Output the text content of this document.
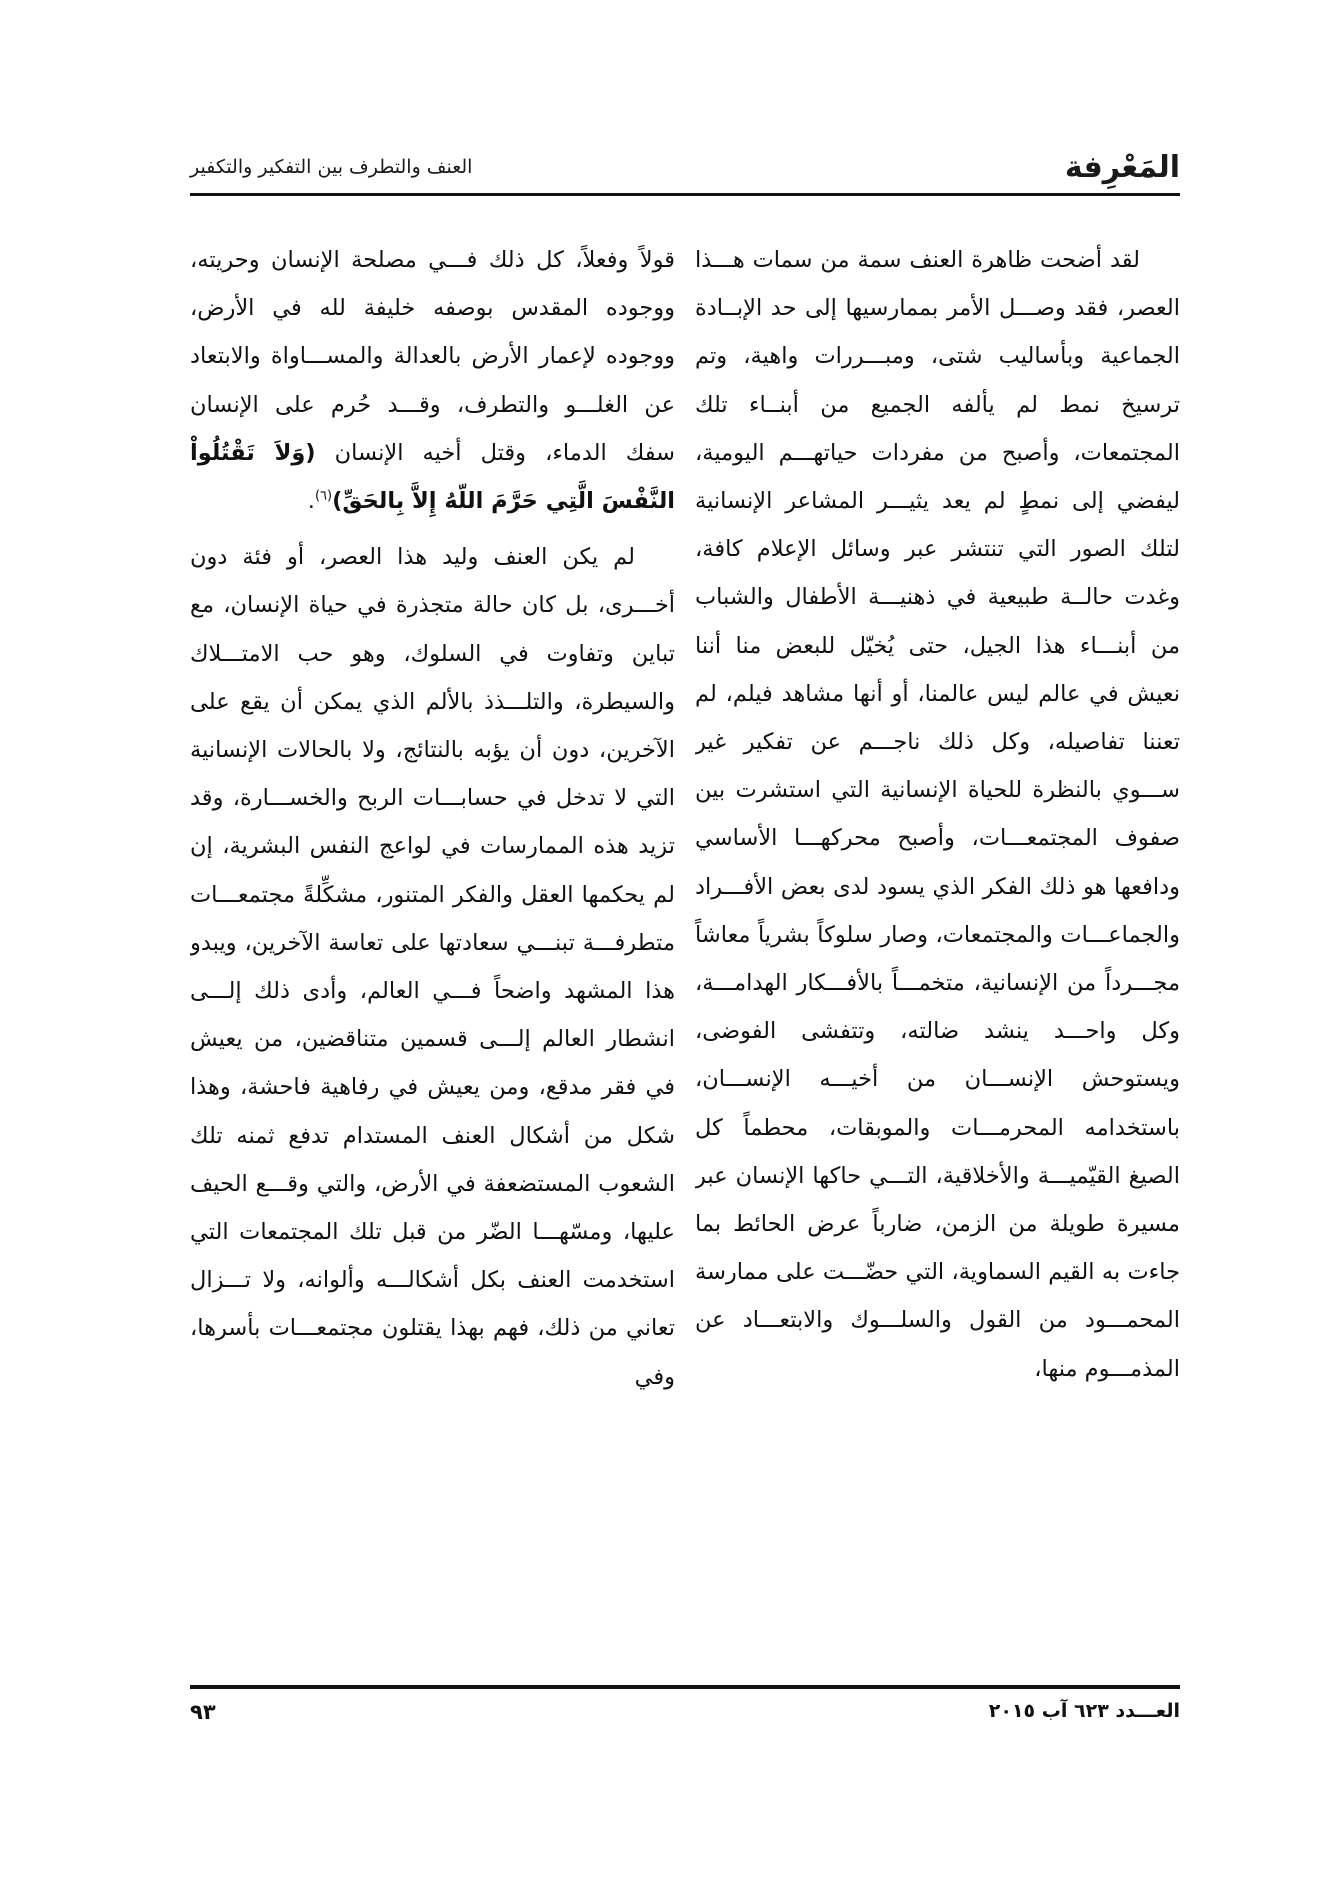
المَعْرِفة
العنف والتطرف بين التفكير والتكفير

لقد أضحت ظاهرة العنف سمة من سمات هـــذا العصر، فقد وصـــل الأمر بممارسيها إلى حد الإبــادة الجماعية وبأساليب شتى، ومبـــررات واهية، وتم ترسيخ نمط لم يألفه الجميع من أبنــاء تلك المجتمعات، وأصبح من مفردات حياتهـــم اليومية، ليفضي إلى نمطٍ لم يعد يثيـــر المشاعر الإنسانية لتلك الصور التي تنتشر عبر وسائل الإعلام كافة، وغدت حالــة طبيعية في ذهنيـــة الأطفال والشباب من أبنـــاء هذا الجيل، حتى يُخيّل للبعض منا أننا نعيش في عالم ليس عالمنا، أو أنها مشاهد فيلم، لم تعننا تفاصيله، وكل ذلك ناجـــم عن تفكير غير ســـوي بالنظرة للحياة الإنسانية التي استشرت بين صفوف المجتمعـــات، وأصبح محركهـــا الأساسي ودافعها هو ذلك الفكر الذي يسود لدى بعض الأفـــراد والجماعـــات والمجتمعات، وصار سلوكاً بشرياً معاشاً مجـــرداً من الإنسانية، متخمـــاً بالأفـــكار الهدامـــة، وكل واحـــد ينشد ضالته، وتتفشى الفوضى، ويستوحش الإنســـان من أخيـــه الإنســـان، باستخدامه المحرمـــات والموبقات، محطماً كل الصيغ القيّميـــة والأخلاقية، التـــي حاكها الإنسان عبر مسيرة طويلة من الزمن، ضارباً عرض الحائط بما جاءت به القيم السماوية، التي حضّـــت على ممارسة المحمـــود من القول والسلـــوك والابتعـــاد عن المذمـــوم منها،

قولاً وفعلاً، كل ذلك فـــي مصلحة الإنسان وحريته، ووجوده المقدس بوصفه خليفة لله في الأرض، ووجوده لإعمار الأرض بالعدالة والمســـاواة والابتعاد عن الغلـــو والتطرف، وقـــد حُرم على الإنسان سفك الدماء، وقتل أخيه الإنسان (وَلاَ تَقْتُلُواْ النَّفْسَ الَّتِي حَرَّمَ اللّهُ إِلاَّ بِالحَقِّ)$^{(٦)}$.

لم يكن العنف وليد هذا العصر، أو فئة دون أخـــرى، بل كان حالة متجذرة في حياة الإنسان، مع تباين وتفاوت في السلوك، وهو حب الامتـــلاك والسيطرة، والتلـــذذ بالألم الذي يمكن أن يقع على الآخرين، دون أن يؤبه بالنتائج، ولا بالحالات الإنسانية التي لا تدخل في حسابـــات الربح والخســـارة، وقد تزيد هذه الممارسات في لواعج النفس البشرية، إن لم يحكمها العقل والفكر المتنور، مشكِّلةً مجتمعـــات متطرفـــة تبنـــي سعادتها على تعاسة الآخرين، ويبدو هذا المشهد واضحاً فـــي العالم، وأدى ذلك إلـــى انشطار العالم إلـــى قسمين متناقضين، من يعيش في فقر مدقع، ومن يعيش في رفاهية فاحشة، وهذا شكل من أشكال العنف المستدام تدفع ثمنه تلك الشعوب المستضعفة في الأرض، والتي وقـــع الحيف عليها، ومسّهـــا الضّر من قبل تلك المجتمعات التي استخدمت العنف بكل أشكالـــه وألوانه، ولا تـــزال تعاني من ذلك، فهم بهذا يقتلون مجتمعـــات بأسرها، وفي

العـــدد ٦٢٣ آب ٢٠١٥
٩٣
